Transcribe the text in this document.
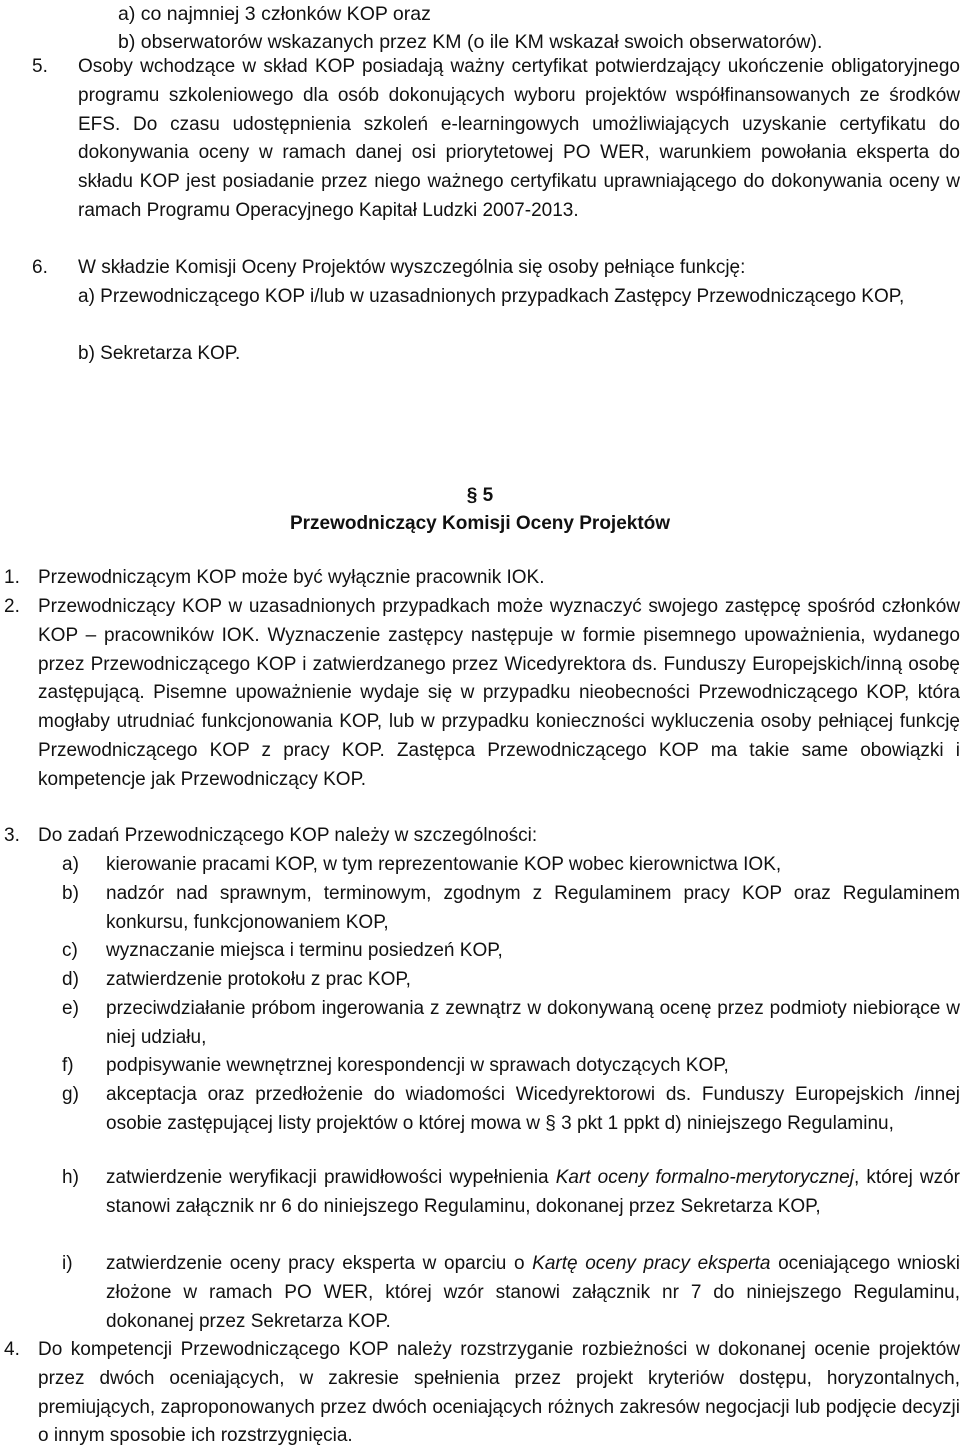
a) co najmniej 3 członków KOP oraz
b) obserwatorów wskazanych przez KM (o ile KM wskazał swoich obserwatorów).
5. Osoby wchodzące w skład KOP posiadają ważny certyfikat potwierdzający ukończenie obligatoryjnego programu szkoleniowego dla osób dokonujących wyboru projektów współfinansowanych ze środków EFS. Do czasu udostępnienia szkoleń e-learningowych umożliwiających uzyskanie certyfikatu do dokonywania oceny w ramach danej osi priorytetowej PO WER, warunkiem powołania eksperta do składu KOP jest posiadanie przez niego ważnego certyfikatu uprawniającego do dokonywania oceny w ramach Programu Operacyjnego Kapitał Ludzki 2007-2013.
6. W składzie Komisji Oceny Projektów wyszczególnia się osoby pełniące funkcję:
a) Przewodniczącego KOP i/lub w uzasadnionych przypadkach Zastępcy Przewodniczącego KOP,
b) Sekretarza KOP.
§ 5
Przewodniczący Komisji Oceny Projektów
1. Przewodniczącym KOP może być wyłącznie pracownik IOK.
2. Przewodniczący KOP w uzasadnionych przypadkach może wyznaczyć swojego zastępcę spośród członków KOP – pracowników IOK. Wyznaczenie zastępcy następuje w formie pisemnego upoważnienia, wydanego przez Przewodniczącego KOP i zatwierdzanego przez Wicedyrektora ds. Funduszy Europejskich/inną osobę zastępującą. Pisemne upoważnienie wydaje się w przypadku nieobecności Przewodniczącego KOP, która mogłaby utrudniać funkcjonowania KOP, lub w przypadku konieczności wykluczenia osoby pełniącej funkcję Przewodniczącego KOP z pracy KOP. Zastępca Przewodniczącego KOP ma takie same obowiązki i kompetencje jak Przewodniczący KOP.
3. Do zadań Przewodniczącego KOP należy w szczególności:
a) kierowanie pracami KOP, w tym reprezentowanie KOP wobec kierownictwa IOK,
b) nadzór nad sprawnym, terminowym, zgodnym z Regulaminem pracy KOP oraz Regulaminem konkursu, funkcjonowaniem KOP,
c) wyznaczanie miejsca i terminu posiedzeń KOP,
d) zatwierdzenie protokołu z prac KOP,
e) przeciwdziałanie próbom ingerowania z zewnątrz w dokonywaną ocenę przez podmioty niebiorące w niej udziału,
f) podpisywanie wewnętrznej korespondencji w sprawach dotyczących KOP,
g) akceptacja oraz przedłożenie do wiadomości Wicedyrektorowi ds. Funduszy Europejskich /innej osobie zastępującej listy projektów o której mowa w § 3 pkt 1 ppkt d) niniejszego Regulaminu,
h) zatwierdzenie weryfikacji prawidłowości wypełnienia Kart oceny formalno-merytorycznej, której wzór stanowi załącznik nr 6 do niniejszego Regulaminu, dokonanej przez Sekretarza KOP,
i) zatwierdzenie oceny pracy eksperta w oparciu o Kartę oceny pracy eksperta oceniającego wnioski złożone w ramach PO WER, której wzór stanowi załącznik nr 7 do niniejszego Regulaminu, dokonanej przez Sekretarza KOP.
4. Do kompetencji Przewodniczącego KOP należy rozstrzyganie rozbieżności w dokonanej ocenie projektów przez dwóch oceniających, w zakresie spełnienia przez projekt kryteriów dostępu, horyzontalnych, premiujących, zaproponowanych przez dwóch oceniających różnych zakresów negocjacji lub podjęcie decyzji o innym sposobie ich rozstrzygnięcia.
